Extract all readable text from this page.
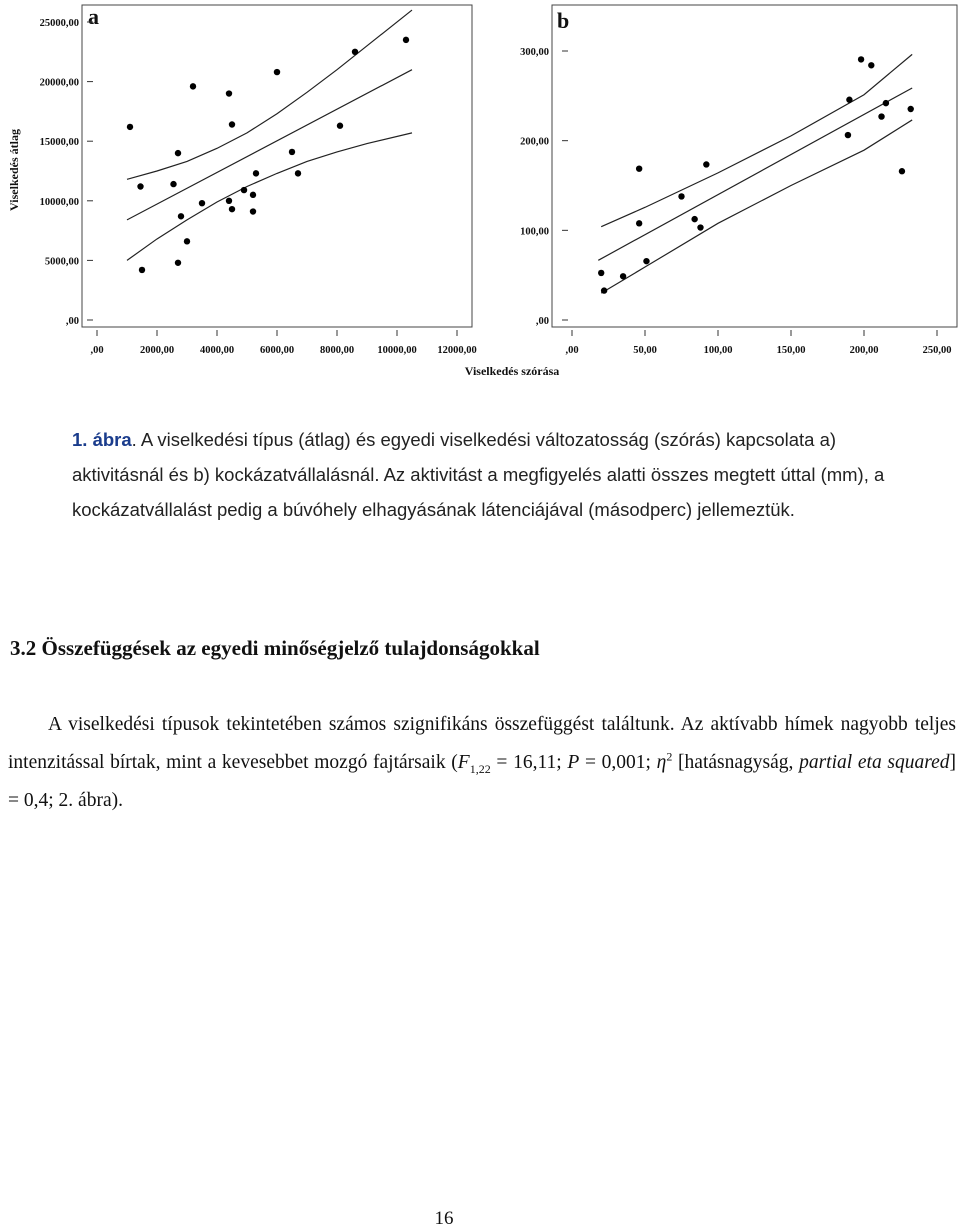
a
Viselkedés átlag
,00
5000,00
10000,00
15000,00
20000,00
25000,00
,00	2000,00 4000,00 6000,00 8000,00 10000,00 12000,00
b
,00
100,00
200,00
300,00
,00	50,00	100,00	150,00	200,00	250,00
Viselkedés szórása
1. ábra. A viselkedési típus (átlag) és egyedi viselkedési változatosság (szórás) kapcsolata a) aktivitásnál és b) kockázatvállalásnál. Az aktivitást a megfigyelés alatti összes megtett úttal (mm), a kockázatvállalást pedig a búvóhely elhagyásának látenciájával (másodperc) jellemeztük.
3.2 Összefüggések az egyedi minőségjelző tulajdonságokkal

A viselkedési típusok tekintetében számos szignifikáns összefüggést találtunk. Az aktívabb hímek nagyobb teljes intenzitással bírtak, mint a kevesebbet mozgó fajtársaik ($F_{1,22} = 16,11$; P = 0,001; $\eta^2$ [hatásnagyság, partial eta squared] = 0,4; 2. ábra).

16
